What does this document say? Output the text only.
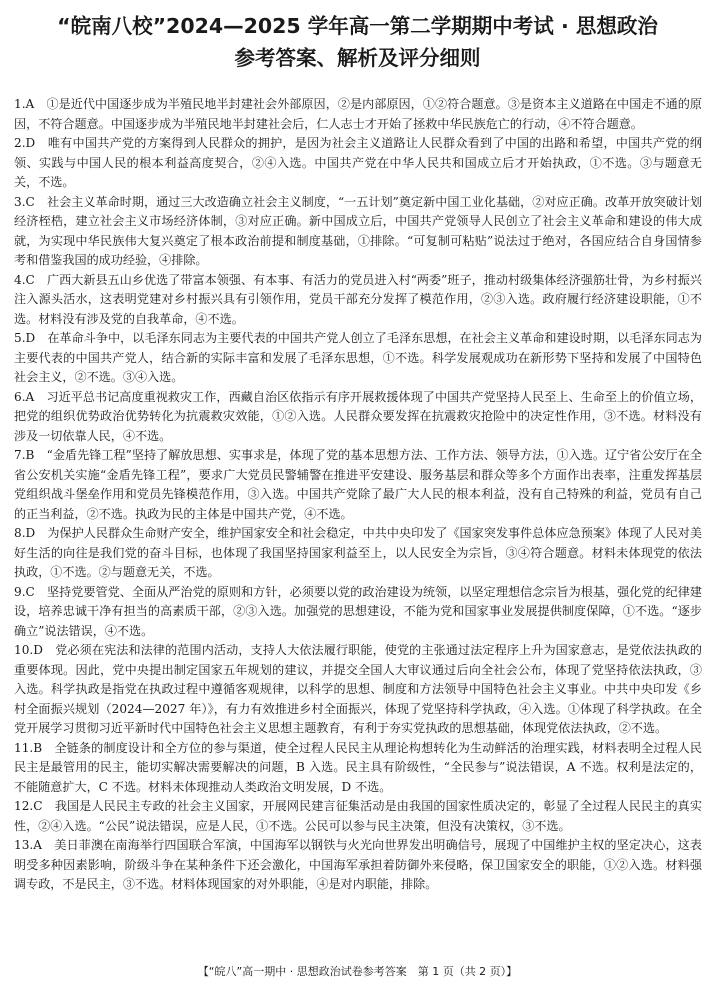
“皖南八校”2024—2025 学年高一第二学期期中考试 · 思想政治
参考答案、解析及评分细则
1.A　①是近代中国逐步成为半殖民地半封建社会外部原因，②是内部原因，①②符合题意。③是资本主义道路在中国走不通的原因，不符合题意。中国逐步成为半殖民地半封建社会后，仁人志士才开始了拯救中华民族危亡的行动，④不符合题意。
2.D　唯有中国共产党的方案得到人民群众的拥护，是因为社会主义道路让人民群众看到了中国的出路和希望，中国共产党的纲领、实践与中国人民的根本利益高度契合，②④入选。中国共产党在中华人民共和国成立后才开始执政，①不选。③与题意无关，不选。
3.C　社会主义革命时期，通过三大改造确立社会主义制度，“一五计划”奠定新中国工业化基础，②对应正确。改革开放突破计划经济桎梏，建立社会主义市场经济体制，③对应正确。新中国成立后，中国共产党领导人民创立了社会主义革命和建设的伟大成就，为实现中华民族伟大复兴奠定了根本政治前提和制度基础，①排除。“可复制可粘贴”说法过于绝对，各国应结合自身国情参考和借鉴我国的成功经验，④排除。
4.C　广西大新县五山乡优选了带富本领强、有本事、有活力的党员进入村“两委”班子，推动村级集体经济强筋壮骨，为乡村振兴注入源头活水，这表明党建对乡村振兴具有引领作用，党员干部充分发挥了模范作用，②③入选。政府履行经济建设职能，①不选。材料没有涉及党的自我革命，④不选。
5.D　在革命斗争中，以毛泽东同志为主要代表的中国共产党人创立了毛泽东思想，在社会主义革命和建设时期，以毛泽东同志为主要代表的中国共产党人，结合新的实际丰富和发展了毛泽东思想，①不选。科学发展观成功在新形势下坚持和发展了中国特色社会主义，②不选。③④入选。
6.A　习近平总书记高度重视救灾工作，西藏自治区依指示有序开展救援体现了中国共产党坚持人民至上、生命至上的价值立场，把党的组织优势政治优势转化为抗震救灾效能，①②入选。人民群众要发挥在抗震救灾抢险中的决定性作用，③不选。材料没有涉及一切依靠人民，④不选。
7.B　“金盾先锋工程”坚持了解放思想、实事求是，体现了党的基本思想方法、工作方法、领导方法，①入选。辽宁省公安厅在全省公安机关实施“金盾先锋工程”，要求广大党员民警辅警在推进平安建设、服务基层和群众等多个方面作出表率，注重发挥基层党组织战斗堡垒作用和党员先锋模范作用，③入选。中国共产党除了最广大人民的根本利益，没有自己特殊的利益，党员有自己的正当利益，②不选。执政为民的主体是中国共产党，④不选。
8.D　为保护人民群众生命财产安全，维护国家安全和社会稳定，中共中央印发了《国家突发事件总体应急预案》体现了人民对美好生活的向往是我们党的奋斗目标，也体现了我国坚持国家利益至上，以人民安全为宗旨，③④符合题意。材料未体现党的依法执政，①不选。②与题意无关，不选。
9.C　坚持党要管党、全面从严治党的原则和方针，必须要以党的政治建设为统领，以坚定理想信念宗旨为根基，强化党的纪律建设，培养忠诚干净有担当的高素质干部，②③入选。加强党的思想建设，不能为党和国家事业发展提供制度保障，①不选。“逐步确立”说法错误，④不选。
10.D　党必须在宪法和法律的范围内活动，支持人大依法履行职能，使党的主张通过法定程序上升为国家意志，是党依法执政的重要体现。因此，党中央提出制定国家五年规划的建议，并提交全国人大审议通过后向全社会公布，体现了党坚持依法执政，③入选。科学执政是指党在执政过程中遵循客观规律，以科学的思想、制度和方法领导中国特色社会主义事业。中共中央印发《乡村全面振兴规划（2024—2027 年）》，有力有效推进乡村全面振兴，体现了党坚持科学执政，④入选。①体现了科学执政。在全党开展学习贯彻习近平新时代中国特色社会主义思想主题教育，有利于夯实党执政的思想基础，体现党依法执政，②不选。
11.B　全链条的制度设计和全方位的参与渠道，使全过程人民民主从理论构想转化为生动鲜活的治理实践，材料表明全过程人民民主是最管用的民主，能切实解决需要解决的问题，B 入选。民主具有阶级性，“全民参与”说法错误，A 不选。权利是法定的，不能随意扩大，C 不选。材料未体现推动人类政治文明发展，D 不选。
12.C　我国是人民民主专政的社会主义国家，开展网民建言征集活动是由我国的国家性质决定的，彰显了全过程人民民主的真实性，②④入选。“公民”说法错误，应是人民，①不选。公民可以参与民主决策，但没有决策权，③不选。
13.A　美日菲澳在南海举行四国联合军演，中国海军以钢铁与火光向世界发出明确信号，展现了中国维护主权的坚定决心，这表明受多种因素影响，阶级斗争在某种条件下还会激化，中国海军承担着防御外来侵略，保卫国家安全的职能，①②入选。材料强调专政，不是民主，③不选。材料体现国家的对外职能，④是对内职能，排除。
【“皖八”高一期中 · 思想政治试卷参考答案　第 1 页（共 2 页）】
